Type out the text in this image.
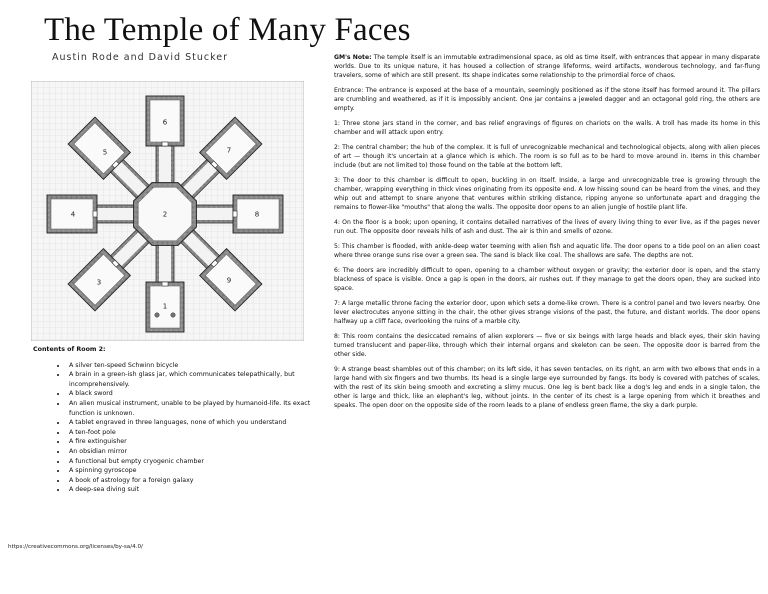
The Temple of Many Faces
Austin Rode and David Stucker
1
2
3
4
5
6
7
8
9
Contents of Room 2:
• A silver ten-speed Schwinn bicycle
• A brain in a green-ish glass jar, which communicates telepathically, but incomprehensively.
• A black sword
• An alien musical instrument, unable to be played by humanoid-life. Its exact function is unknown.
• A tablet engraved in three languages, none of which you understand
• A ten-foot pole
• A fire extinguisher
• An obsidian mirror
• A functional but empty cryogenic chamber
• A spinning gyroscope
• A book of astrology for a foreign galaxy
• A deep-sea diving suit
https://creativecommons.org/licenses/by-sa/4.0/

GM's Note: The temple itself is an immutable extradimensional space, as old as time itself, with entrances that appear in many disparate worlds. Due to its unique nature, it has housed a collection of strange lifeforms, weird artifacts, wonderous technology, and far-flung travelers, some of which are still present. Its shape indicates some relationship to the primordial force of chaos.

Entrance: The entrance is exposed at the base of a mountain, seemingly positioned as if the stone itself has formed around it. The pillars are crumbling and weathered, as if it is impossibly ancient. One jar contains a jeweled dagger and an octagonal gold ring, the others are empty.

1: Three stone jars stand in the corner, and bas relief engravings of figures on chariots on the walls. A troll has made its home in this chamber and will attack upon entry.

2: The central chamber; the hub of the complex. It is full of unrecognizable mechanical and technological objects, along with alien pieces of art — though it's uncertain at a glance which is which. The room is so full as to be hard to move around in. Items in this chamber include (but are not limited to) those found on the table at the bottom left.

3: The door to this chamber is difficult to open, buckling in on itself. Inside, a large and unrecognizable tree is growing through the chamber, wrapping everything in thick vines originating from its opposite end. A low hissing sound can be heard from the vines, and they whip out and attempt to snare anyone that ventures within striking distance, ripping anyone so unfortunate apart and dragging the remains to flower-like "mouths" that along the walls. The opposite door opens to an alien jungle of hostile plant life.

4: On the floor is a book; upon opening, it contains detailed narratives of the lives of every living thing to ever live, as if the pages never run out. The opposite door reveals hills of ash and dust. The air is thin and smells of ozone.

5: This chamber is flooded, with ankle-deep water teeming with alien fish and aquatic life. The door opens to a tide pool on an alien coast where three orange suns rise over a green sea. The sand is black like coal. The shallows are safe. The depths are not.

6: The doors are incredibly difficult to open, opening to a chamber without oxygen or gravity; the exterior door is open, and the starry blackness of space is visible. Once a gap is open in the doors, air rushes out. If they manage to get the doors open, they are sucked into space.

7: A large metallic throne facing the exterior door, upon which sets a dome-like crown. There is a control panel and two levers nearby. One lever electrocutes anyone sitting in the chair, the other gives strange visions of the past, the future, and distant worlds. The door opens halfway up a cliff face, overlooking the ruins of a marble city.

8: This room contains the desiccated remains of alien explorers — five or six beings with large heads and black eyes, their skin having turned translucent and paper-like, through which their internal organs and skeleton can be seen. The opposite door is barred from the other side.

9: A strange beast shambles out of this chamber; on its left side, it has seven tentacles, on its right, an arm with two elbows that ends in a large hand with six fingers and two thumbs. Its head is a single large eye surrounded by fangs. Its body is covered with patches of scales, with the rest of its skin being smooth and excreting a slimy mucus. One leg is bent back like a dog's leg and ends in a single talon, the other is large and thick, like an elephant's leg, without joints. In the center of its chest is a large opening from which it breathes and speaks. The open door on the opposite side of the room leads to a plane of endless green flame, the sky a dark purple.
